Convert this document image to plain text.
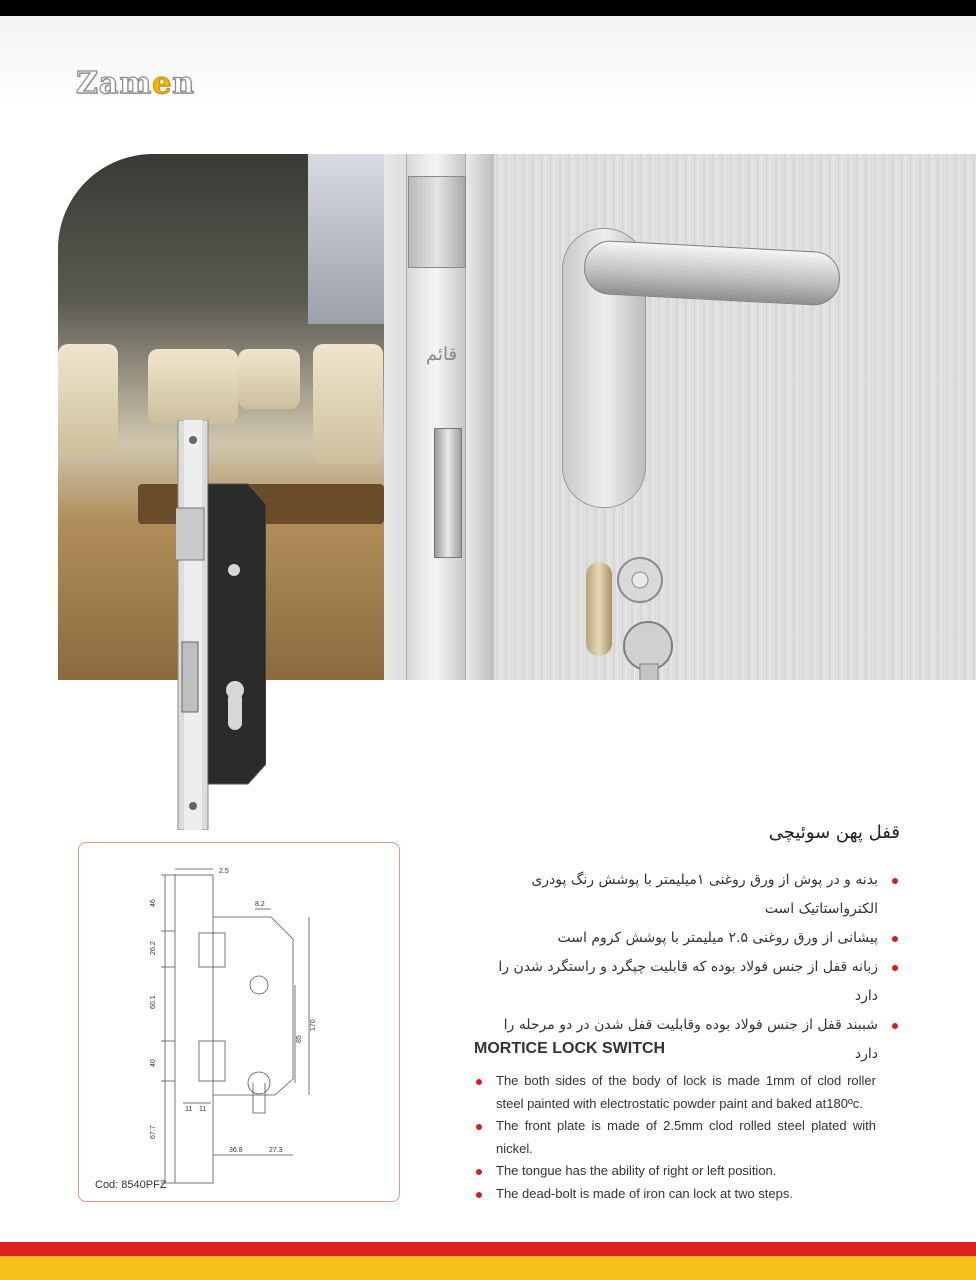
Zamen
قائم
2.5
8.2
46
26.2
60.1
40
67.7
11 11
85
170
36.8	27.3
Cod: 8540PFZ
قفل پهن سوئیچی
بدنه و در پوش از ورق روغنی ۱میلیمتر با پوشش رنگ پودری الکترواستاتیک است
پیشانی از ورق روغنی ۲.۵ میلیمتر با پوشش کروم است
زبانه قفل از جنس فولاد بوده که قابلیت چپگرد و راستگرد شدن را دارد
شببند قفل از جنس فولاد بوده وقابلیت قفل شدن در دو مرحله را دارد
MORTICE LOCK SWITCH
The both sides of the body of lock is made 1mm of clod roller steel painted with electrostatic powder paint and baked at180ºc.
The front plate is made of 2.5mm clod rolled steel plated with nickel.
The tongue has the ability of right or left position.
The dead-bolt is made of iron can lock at two steps.
